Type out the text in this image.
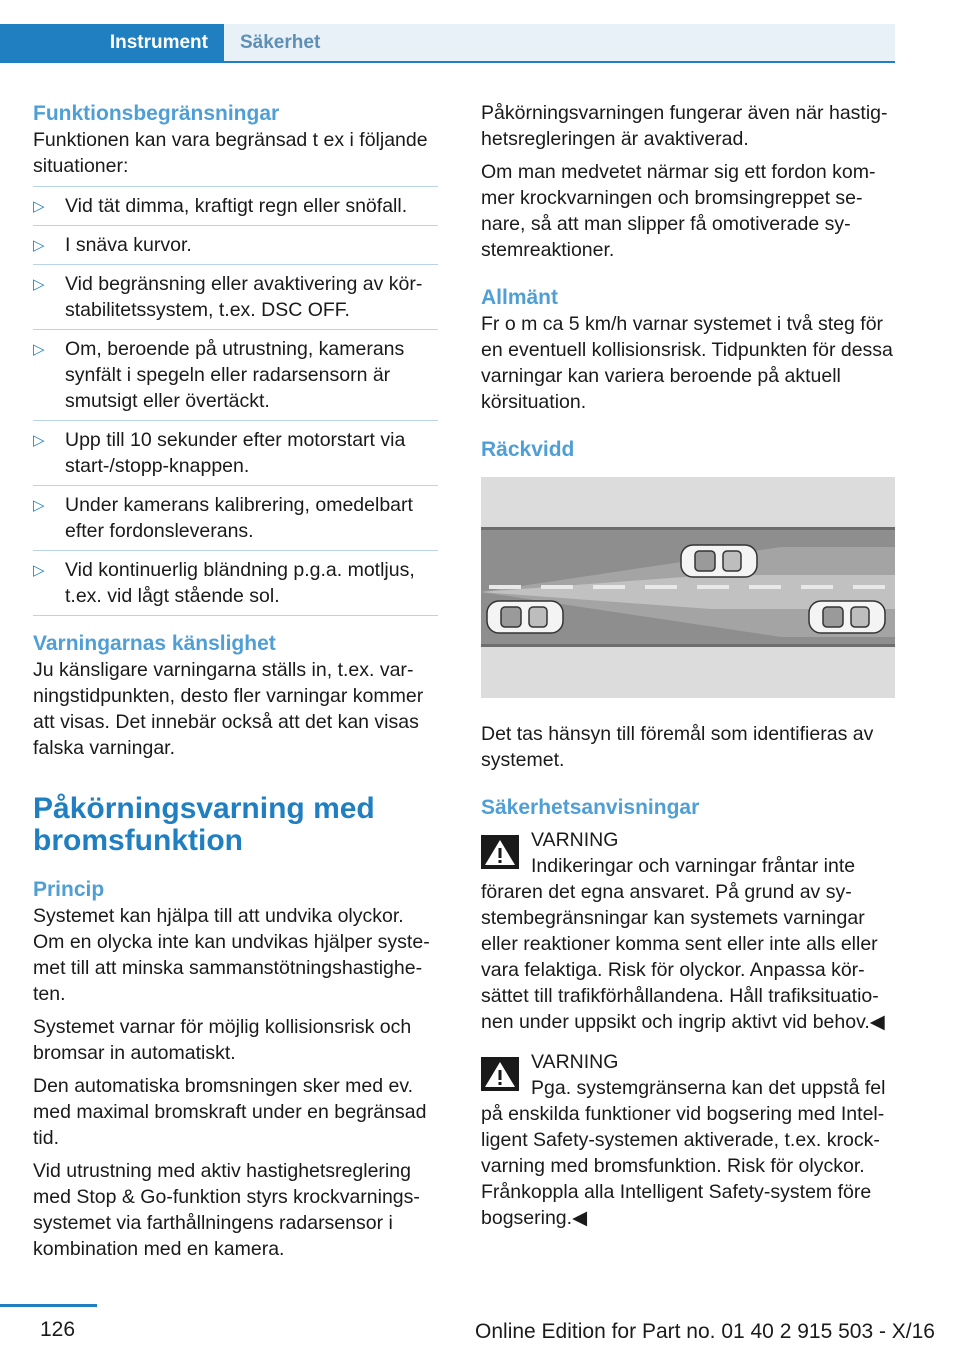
Instrument	Säkerhet
Funktionsbegränsningar

Funktionen kan vara begränsad t ex i följande situationer:

▷ Vid tät dimma, kraftigt regn eller snöfall.
▷ I snäva kurvor.
▷ Vid begränsning eller avaktivering av körstabilitetssystem, t.ex. DSC OFF.
▷ Om, beroende på utrustning, kamerans synfält i spegeln eller radarsensorn är smutsigt eller övertäckt.
▷ Upp till 10 sekunder efter motorstart via start-/stopp-knappen.
▷ Under kamerans kalibrering, omedelbart efter fordonsleverans.
▷ Vid kontinuerlig bländning p.g.a. motljus, t.ex. vid lågt stående sol.
Varningarnas känslighet

Ju känsligare varningarna ställs in, t.ex. varningstidpunkten, desto fler varningar kommer att visas. Det innebär också att det kan visas falska varningar.

Påkörningsvarning med bromsfunktion
Princip

Systemet kan hjälpa till att undvika olyckor. Om en olycka inte kan undvikas hjälper systemet till att minska sammanstötningshastigheten.

Systemet varnar för möjlig kollisionsrisk och bromsar in automatiskt.

Den automatiska bromsningen sker med ev. med maximal bromskraft under en begränsad tid.

Vid utrustning med aktiv hastighetsreglering med Stop & Go-funktion styrs krockvarningssystemet via farthållningens radarsensor i kombination med en kamera.

Påkörningsvarningen fungerar även när hastighetsregleringen är avaktiverad.

Om man medvetet närmar sig ett fordon kommer krockvarningen och bromsingreppet senare, så att man slipper få omotiverade systemreaktioner.

Allmänt

Fr o m ca 5 km/h varnar systemet i två steg för en eventuell kollisionsrisk. Tidpunkten för dessa varningar kan variera beroende på aktuell körsituation.

Räckvidd

Det tas hänsyn till föremål som identifieras av systemet.

Säkerhetsanvisningar
VARNING
Indikeringar och varningar fråntar inte

föraren det egna ansvaret. På grund av systembegränsningar kan systemets varningar eller reaktioner komma sent eller inte alls eller vara felaktiga. Risk för olyckor. Anpassa körsättet till trafikförhållandena. Håll trafiksituationen under uppsikt och ingrip aktivt vid behov.◀

VARNING
Pga. systemgränserna kan det uppstå fel

på enskilda funktioner vid bogsering med Intelligent Safety-systemen aktiverade, t.ex. krockvarning med bromsfunktion. Risk för olyckor. Frånkoppla alla Intelligent Safety-system före bogsering.◀

126	Online Edition for Part no. 01 40 2 915 503 - X/16
